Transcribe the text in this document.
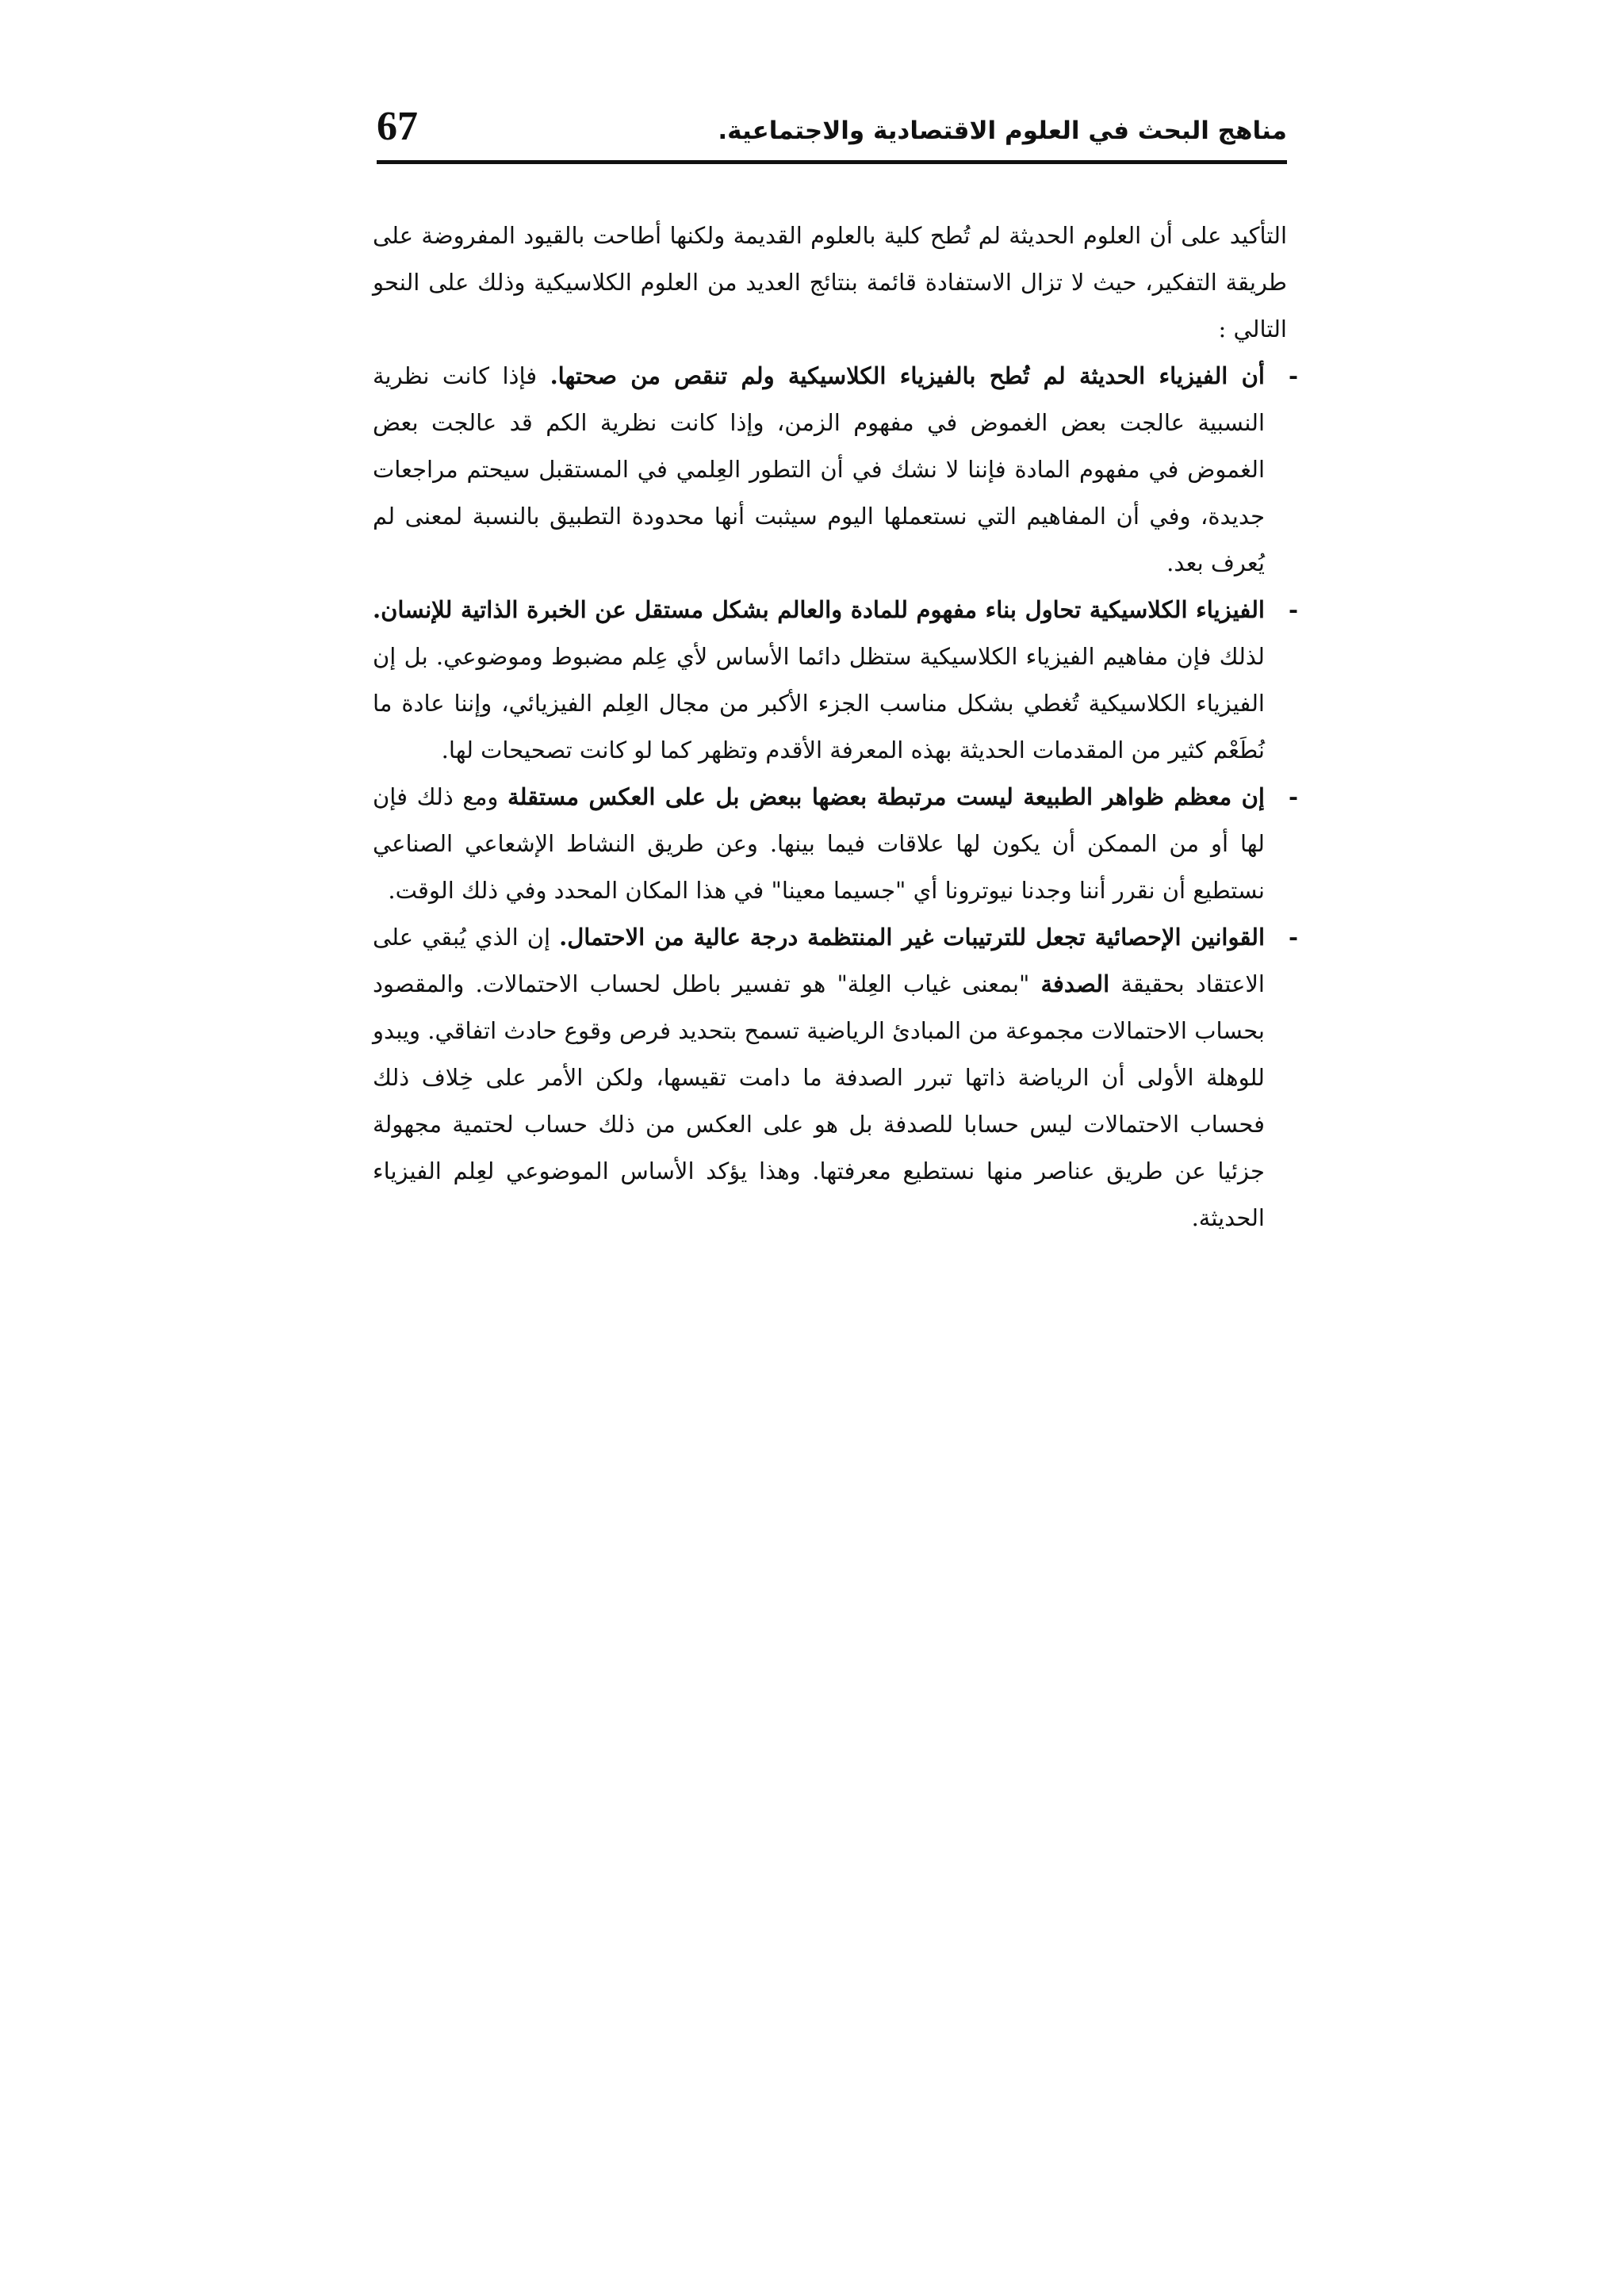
67	مناهج البحث في العلوم الاقتصادية والاجتماعية.

التأكيد على أن العلوم الحديثة لم تُطح كلية بالعلوم القديمة ولكنها أطاحت بالقيود المفروضة على طريقة التفكير، حيث لا تزال الاستفادة قائمة بنتائج العديد من العلوم الكلاسيكية وذلك على النحو التالي :

-
أن الفيزياء الحديثة لم تُطح بالفيزياء الكلاسيكية ولم تنقص من صحتها. فإذا كانت نظرية النسبية عالجت بعض الغموض في مفهوم الزمن، وإذا كانت نظرية الكم قد عالجت بعض الغموض في مفهوم المادة فإننا لا نشك في أن التطور العِلمي في المستقبل سيحتم مراجعات جديدة، وفي أن المفاهيم التي نستعملها اليوم سيثبت أنها محدودة التطبيق بالنسبة لمعنى لم يُعرف بعد.
-
الفيزياء الكلاسيكية تحاول بناء مفهوم للمادة والعالم بشكل مستقل عن الخبرة الذاتية للإنسان. لذلك فإن مفاهيم الفيزياء الكلاسيكية ستظل دائما الأساس لأي عِلم مضبوط وموضوعي. بل إن الفيزياء الكلاسيكية تُغطي بشكل مناسب الجزء الأكبر من مجال العِلم الفيزيائي، وإننا عادة ما نُطَعْم كثير من المقدمات الحديثة بهذه المعرفة الأقدم وتظهر كما لو كانت تصحيحات لها.
-
إن معظم ظواهر الطبيعة ليست مرتبطة بعضها ببعض بل على العكس مستقلة ومع ذلك فإن لها أو من الممكن أن يكون لها علاقات فيما بينها. وعن طريق النشاط الإشعاعي الصناعي نستطيع أن نقرر أننا وجدنا نيوترونا أي "جسيما معينا" في هذا المكان المحدد وفي ذلك الوقت.
-
القوانين الإحصائية تجعل للترتيبات غير المنتظمة درجة عالية من الاحتمال. إن الذي يُبقي على الاعتقاد بحقيقة الصدفة "بمعنى غياب العِلة" هو تفسير باطل لحساب الاحتمالات. والمقصود بحساب الاحتمالات مجموعة من المبادئ الرياضية تسمح بتحديد فرص وقوع حادث اتفاقي. ويبدو للوهلة الأولى أن الرياضة ذاتها تبرر الصدفة ما دامت تقيسها، ولكن الأمر على خِلاف ذلك فحساب الاحتمالات ليس حسابا للصدفة بل هو على العكس من ذلك حساب لحتمية مجهولة جزئيا عن طريق عناصر منها نستطيع معرفتها. وهذا يؤكد الأساس الموضوعي لعِلم الفيزياء الحديثة.
